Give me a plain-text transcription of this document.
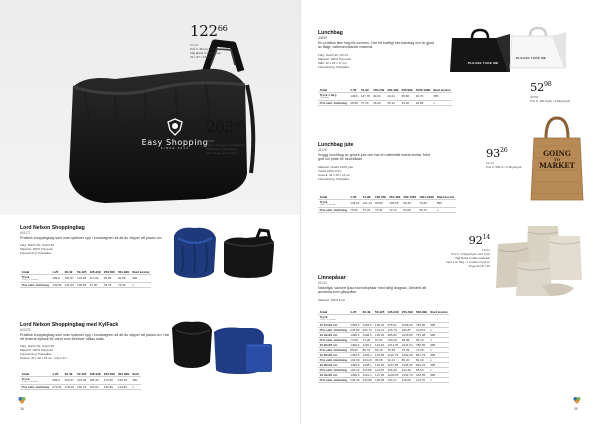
Easy Shopping
SINCE 2012
$122^{66}$
#0103
Pris fr. 38 styck / 1-färgstryck
Välj bland 3 olika färger
70 x 37 x 15 cm
$203^{66}$
#0118
Pris fr. 38 styck / 1-färgstryck
Välj bland 3 olika färger
Kan laddas upp till 20 kg
Lord Nelson Shoppingbag
#01177
Praktisk shoppingbag som man spänner upp i kundvagnen så att du slipper att packa om.
Färg: Marin/ 50, Svart/ 99
Material: 100% Polyester
Förpackning: Plastpåse
Antal	1-25	26-49	50-125	126-249	250-500	501-999	Start kostnx
Tryck
1-färg / 1 position	189,8	151,57	132,83	117,84	99,89	92,88	450
Pris exkl. märkning	139,89	131,60	106,68	97,90	78,78	72,99	x
Lord Nelson Shoppingbag med KylFack
#01178
Praktisk shoppingbag som man spänner upp i kundvagnen så att du slipper att packa om. Har ett isolerat kylfack för varor som behöver hållas kalla.
Färg: Marin/ 50, Svart/ 99
Material: 100% Polyester
Förpackning: Plastpåse
Storlek: 45 x 28 x 25 cm, volym 47 l
Antal	1-25	26-49	50-125	126-249	250-500	501-999	Start
Tryck
1-färg / 1 position	289,6	226,37	204,06	186,42	170,60	150,81	450
Pris exkl. märkning	273,80	178,20	162,70	150,91	130,80	119,83	x
36
Lunchbag
#0858
En praktisk liten bag för lunchen. Har ett kraftigt bär-handtag och är gjord av tåligt, vattenavvisande material.
Färg: Svart/ 99, Vit/ 01
Material: 100% Polyester
Mått: 42 x 26 x 17 cm
Förpackning: Plastpåse
Antal	1-50	51-99	100-249	250-499	500-999	1000-1999	Start kostnx
Tryck 1 färg
1 position	149,6	117,78	90,06	44,04	35,80	30,70	395
Pris exkl. märkning	38,88	37,35	36,00	35,33	34,46	24,98	x
PLEASE TAKE ME
PLEASE TAKE ME
$52^{98}$
#0858
Pris fr. 100 styck / 1-färgstryck
Lunchbag jute
#1126
Snygg lunchbag av grövre jute och har en vattentätt fodrat insida. Med gott om plats för lunchlådan.
Material: Utsida 100% jute,
Insida 100% PVC
Storlek: 32 x 28 x 16 cm
Förpackning: Plastpåse
Antal	1-50	51-99	100-250	251-499	500-1000	1001-1999	Start kostnx
Tryck
1-färg / 1 position	139,61	121,13	95,80	105,28	89,45	79,45	895
Pris exkl. märkning	75,66	75,43	74,91	72,13	83,00	65,73	x
GOING
TO
MARKET
$93^{26}$
#1126
Pris fr. 500 st / 1-färgstryck
$92^{14}$
#1134
Pris fr. 1-färgstryck med tryck
Välj bland 6 olika storlekar
med 1 st. färg / 1 position tryck kr
Ange till 15 x 20
Linnepåsar
#1134
Naturliga, vackert ljusa bomullspåsar med stilig dragsko. Utmärkt att använda som gåvopåse.
Material: 100% linne
Antal	1-25	26-49	50-125	126-249	250-499	500-999	Start kostnx
Tryck
1-färg / 1 position							

10 15x22 cm	1499,6	1168,6	100,23	975,91	1008,05	760,80	995
Pris exkl. märkning	245,80	226,73	131,12	216,75	199,87	1010,5	x
10 18x22 cm	1499,6	1198,6	105,25	985,80	1018,85	755,08	995
Pris exkl. märkning	73,68	71,28	67,84	103,26	58,88	50,10	x
10 20x25 cm	1499,6	1190,1	113,93	1013,87	1041,64	780,55	995
Pris exkl. märkning	88,65	86,73	82,19	78,83	75,05	71,06	x
10 25x30 cm	1499,6	1204,1	122,95	1122,79	1092,68	851,79	995
Pris exkl. märkning	104,69	100,23	95,68	92,13	86,20	82,33	x
10 30x40 cm	1499,6	1208,1	130,84	1167,98	1148,05	891,31	995
Pris exkl. märkning	120,13	116,86	113,05	106,30	102,49	95,53	x
10 40x50 cm	1499,6	1210,1	137,96	1239,05	1232,79	918,55	995
Pris exkl. märkning	138,49	133,80	128,28	124,17	119,06	113,76	x
39
